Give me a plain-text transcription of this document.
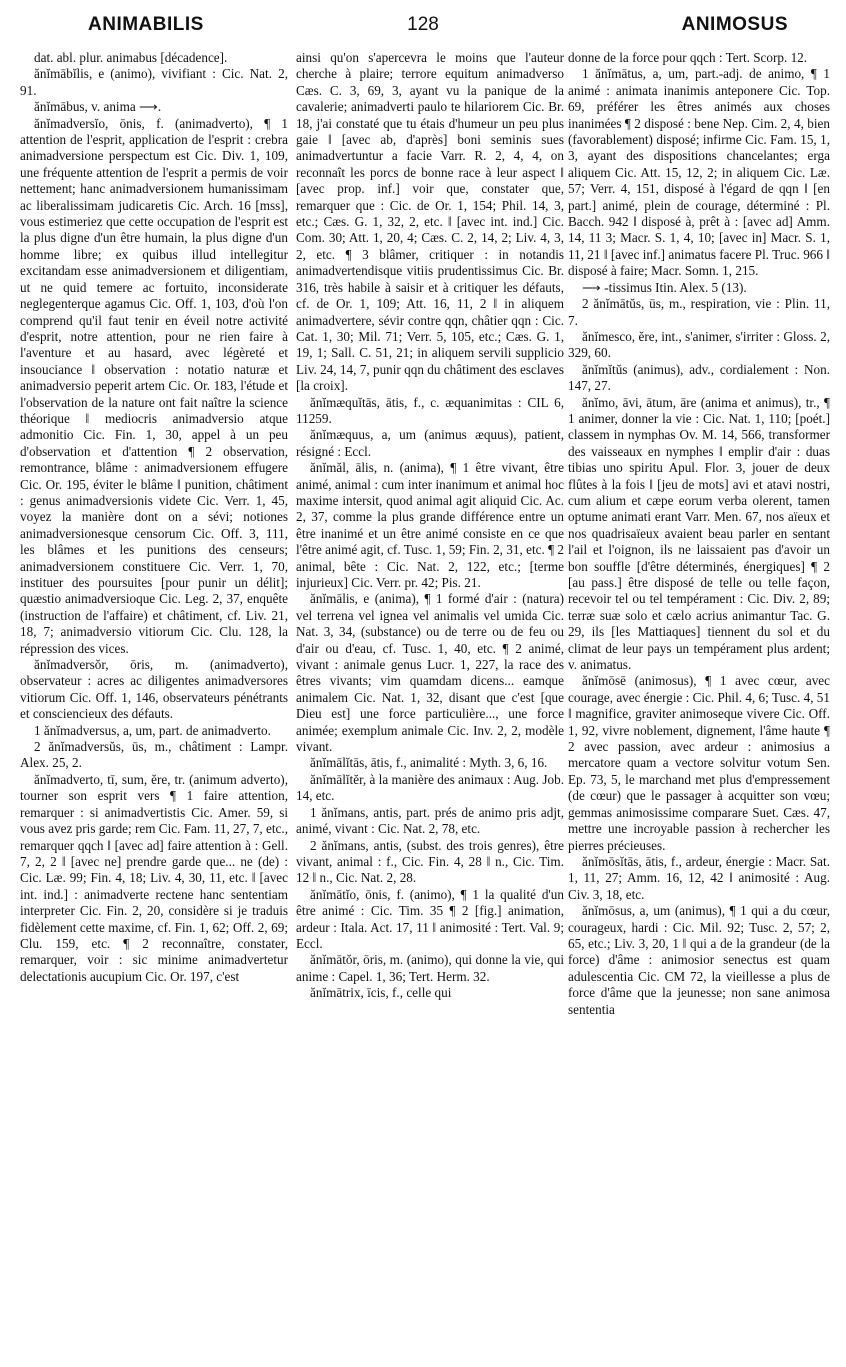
ANIMABILIS	128	ANIMOSUS

dat. abl. plur. animabus [décadence].

ănĭmābĭlis, e (animo), vivifiant : Cic. Nat. 2, 91.

ănĭmābus, v. anima ⟶.

ănĭmadversĭo, ōnis, f. (animadverto), ¶ 1 attention de l'esprit, application de l'esprit : crebra animadversione perspectum est Cic. Div. 1, 109, une fréquente attention de l'esprit a permis de voir nettement; hanc animadversionem humanissimam ac liberalissimam judicaretis Cic. Arch. 16 [mss], vous estimeriez que cette occupation de l'esprit est la plus digne d'un être humain, la plus digne d'un homme libre; ex quibus illud intellegitur excitandam esse animadversionem et diligentiam, ut ne quid temere ac fortuito, inconsiderate neglegenterque agamus Cic. Off. 1, 103, d'où l'on comprend qu'il faut tenir en éveil notre activité d'esprit, notre attention, pour ne rien faire à l'aventure et au hasard, avec légèreté et insouciance ‖ observation : notatio naturæ et animadversio peperit artem Cic. Or. 183, l'étude et l'observation de la nature ont fait naître la science théorique ‖ mediocris animadversio atque admonitio Cic. Fin. 1, 30, appel à un peu d'observation et d'attention ¶ 2 observation, remontrance, blâme : animadversionem effugere Cic. Or. 195, éviter le blâme ‖ punition, châtiment : genus animadversionis videte Cic. Verr. 1, 45, voyez la manière dont on a sévi; notiones animadversionesque censorum Cic. Off. 3, 111, les blâmes et les punitions des censeurs; animadversionem constituere Cic. Verr. 1, 70, instituer des poursuites [pour punir un délit]; quæstio animadversioque Cic. Leg. 2, 37, enquête (instruction de l'affaire) et châtiment, cf. Liv. 21, 18, 7; animadversio vitiorum Cic. Clu. 128, la répression des vices.

ănĭmadversŏr, ōris, m. (animadverto), observateur : acres ac diligentes animadversores vitiorum Cic. Off. 1, 146, observateurs pénétrants et consciencieux des défauts.

1 ănĭmadversus, a, um, part. de animadverto.

2 ănĭmadversŭs, ūs, m., châtiment : Lampr. Alex. 25, 2.

ănĭmadverto, tī, sum, ĕre, tr. (animum adverto), tourner son esprit vers ¶ 1 faire attention, remarquer : si animadvertistis Cic. Amer. 59, si vous avez pris garde; rem Cic. Fam. 11, 27, 7, etc., remarquer qqch ‖ [avec ad] faire attention à : Gell. 7, 2, 2 ‖ [avec ne] prendre garde que... ne (de) : Cic. Læ. 99; Fin. 4, 18; Liv. 4, 30, 11, etc. ‖ [avec int. ind.] : animadverte rectene hanc sententiam interpreter Cic. Fin. 2, 20, considère si je traduis fidèlement cette maxime, cf. Fin. 1, 62; Off. 2, 69; Clu. 159, etc. ¶ 2 reconnaître, constater, remarquer, voir : sic minime animadvertetur delectationis aucupium Cic. Or. 197, c'est

ainsi qu'on s'apercevra le moins que l'auteur cherche à plaire; terrore equitum animadverso Cæs. C. 3, 69, 3, ayant vu la panique de la cavalerie; animadverti paulo te hilariorem Cic. Br. 18, j'ai constaté que tu étais d'humeur un peu plus gaie ‖ [avec ab, d'après] boni seminis sues animadvertuntur a facie Varr. R. 2, 4, 4, on reconnaît les porcs de bonne race à leur aspect ‖ [avec prop. inf.] voir que, constater que, remarquer que : Cic. de Or. 1, 154; Phil. 14, 3, etc.; Cæs. G. 1, 32, 2, etc. ‖ [avec int. ind.] Cic. Com. 30; Att. 1, 20, 4; Cæs. C. 2, 14, 2; Liv. 4, 3, 2, etc. ¶ 3 blâmer, critiquer : in notandis animadvertendisque vitiis prudentissimus Cic. Br. 316, très habile à saisir et à critiquer les défauts, cf. de Or. 1, 109; Att. 16, 11, 2 ‖ in aliquem animadvertere, sévir contre qqn, châtier qqn : Cic. Cat. 1, 30; Mil. 71; Verr. 5, 105, etc.; Cæs. G. 1, 19, 1; Sall. C. 51, 21; in aliquem servili supplicio Liv. 24, 14, 7, punir qqn du châtiment des esclaves [la croix].

ănĭmæquĭtās, ātis, f., c. æquanimitas : CIL 6, 11259.

ănĭmæquus, a, um (animus æquus), patient, résigné : Eccl.

ănĭmăl, ālis, n. (anima), ¶ 1 être vivant, être animé, animal : cum inter inanimum et animal hoc maxime intersit, quod animal agit aliquid Cic. Ac. 2, 37, comme la plus grande différence entre un être inanimé et un être animé consiste en ce que l'être animé agit, cf. Tusc. 1, 59; Fin. 2, 31, etc. ¶ 2 animal, bête : Cic. Nat. 2, 122, etc.; [terme injurieux] Cic. Verr. pr. 42; Pis. 21.

ănĭmālis, e (anima), ¶ 1 formé d'air : (natura) vel terrena vel ignea vel animalis vel umida Cic. Nat. 3, 34, (substance) ou de terre ou de feu ou d'air ou d'eau, cf. Tusc. 1, 40, etc. ¶ 2 animé, vivant : animale genus Lucr. 1, 227, la race des êtres vivants; vim quamdam dicens... eamque animalem Cic. Nat. 1, 32, disant que c'est [que Dieu est] une force particulière..., une force animée; exemplum animale Cic. Inv. 2, 2, modèle vivant.

ănĭmālĭtās, ātis, f., animalité : Myth. 3, 6, 16.

ănĭmālĭtĕr, à la manière des animaux : Aug. Job. 14, etc.

1 ănĭmans, antis, part. prés de animo pris adjt, animé, vivant : Cic. Nat. 2, 78, etc.

2 ănĭmans, antis, (subst. des trois genres), être vivant, animal : f., Cic. Fin. 4, 28 ‖ n., Cic. Tim. 12 ‖ n., Cic. Nat. 2, 28.

ănĭmātĭo, ōnis, f. (animo), ¶ 1 la qualité d'un être animé : Cic. Tim. 35 ¶ 2 [fig.] animation, ardeur : Itala. Act. 17, 11 ‖ animosité : Tert. Val. 9; Eccl.

ănĭmātŏr, ōris, m. (animo), qui donne la vie, qui anime : Capel. 1, 36; Tert. Herm. 32.

ănĭmātrix, īcis, f., celle qui

donne de la force pour qqch : Tert. Scorp. 12.

1 ănĭmātus, a, um, part.-adj. de animo, ¶ 1 animé : animata inanimis anteponere Cic. Top. 69, préférer les êtres animés aux choses inanimées ¶ 2 disposé : bene Nep. Cim. 2, 4, bien (favorablement) disposé; infirme Cic. Fam. 15, 1, 3, ayant des dispositions chancelantes; erga aliquem Cic. Att. 15, 12, 2; in aliquem Cic. Læ. 57; Verr. 4, 151, disposé à l'égard de qqn ‖ [en part.] animé, plein de courage, déterminé : Pl. Bacch. 942 ‖ disposé à, prêt à : [avec ad] Amm. 14, 11 3; Macr. S. 1, 4, 10; [avec in] Macr. S. 1, 11, 21 ‖ [avec inf.] animatus facere Pl. Truc. 966 ‖ disposé à faire; Macr. Somn. 1, 215.

⟶ -tissimus Itin. Alex. 5 (13).

2 ănĭmātŭs, ūs, m., respiration, vie : Plin. 11, 7.

ănĭmesco, ĕre, int., s'animer, s'irriter : Gloss. 2, 329, 60.

ănĭmĭtŭs (animus), adv., cordialement : Non. 147, 27.

ănĭmo, āvi, ātum, āre (anima et animus), tr., ¶ 1 animer, donner la vie : Cic. Nat. 1, 110; [poét.] classem in nymphas Ov. M. 14, 566, transformer des vaisseaux en nymphes ‖ emplir d'air : duas tibias uno spiritu Apul. Flor. 3, jouer de deux flûtes à la fois ‖ [jeu de mots] avi et atavi nostri, cum alium et cæpe eorum verba olerent, tamen optume animati erant Varr. Men. 67, nos aïeux et nos quadrisaïeux avaient beau parler en sentant l'ail et l'oignon, ils ne laissaient pas d'avoir un bon souffle [d'être déterminés, énergiques] ¶ 2 [au pass.] être disposé de telle ou telle façon, recevoir tel ou tel tempérament : Cic. Div. 2, 89; terræ suæ solo et cælo acrius animantur Tac. G. 29, ils [les Mattiaques] tiennent du sol et du climat de leur pays un tempérament plus ardent; v. animatus.

ănĭmōsē (animosus), ¶ 1 avec cœur, avec courage, avec énergie : Cic. Phil. 4, 6; Tusc. 4, 51 ‖ magnifice, graviter animoseque vivere Cic. Off. 1, 92, vivre noblement, dignement, l'âme haute ¶ 2 avec passion, avec ardeur : animosius a mercatore quam a vectore solvitur votum Sen. Ep. 73, 5, le marchand met plus d'empressement (de cœur) que le passager à acquitter son vœu; gemmas animosissime comparare Suet. Cæs. 47, mettre une incroyable passion à rechercher les pierres précieuses.

ănĭmōsĭtās, ātis, f., ardeur, énergie : Macr. Sat. 1, 11, 27; Amm. 16, 12, 42 ‖ animosité : Aug. Civ. 3, 18, etc.

ănĭmōsus, a, um (animus), ¶ 1 qui a du cœur, courageux, hardi : Cic. Mil. 92; Tusc. 2, 57; 2, 65, etc.; Liv. 3, 20, 1 ‖ qui a de la grandeur (de la force) d'âme : animosior senectus est quam adulescentia Cic. CM 72, la vieillesse a plus de force d'âme que la jeunesse; non sane animosa sententia
